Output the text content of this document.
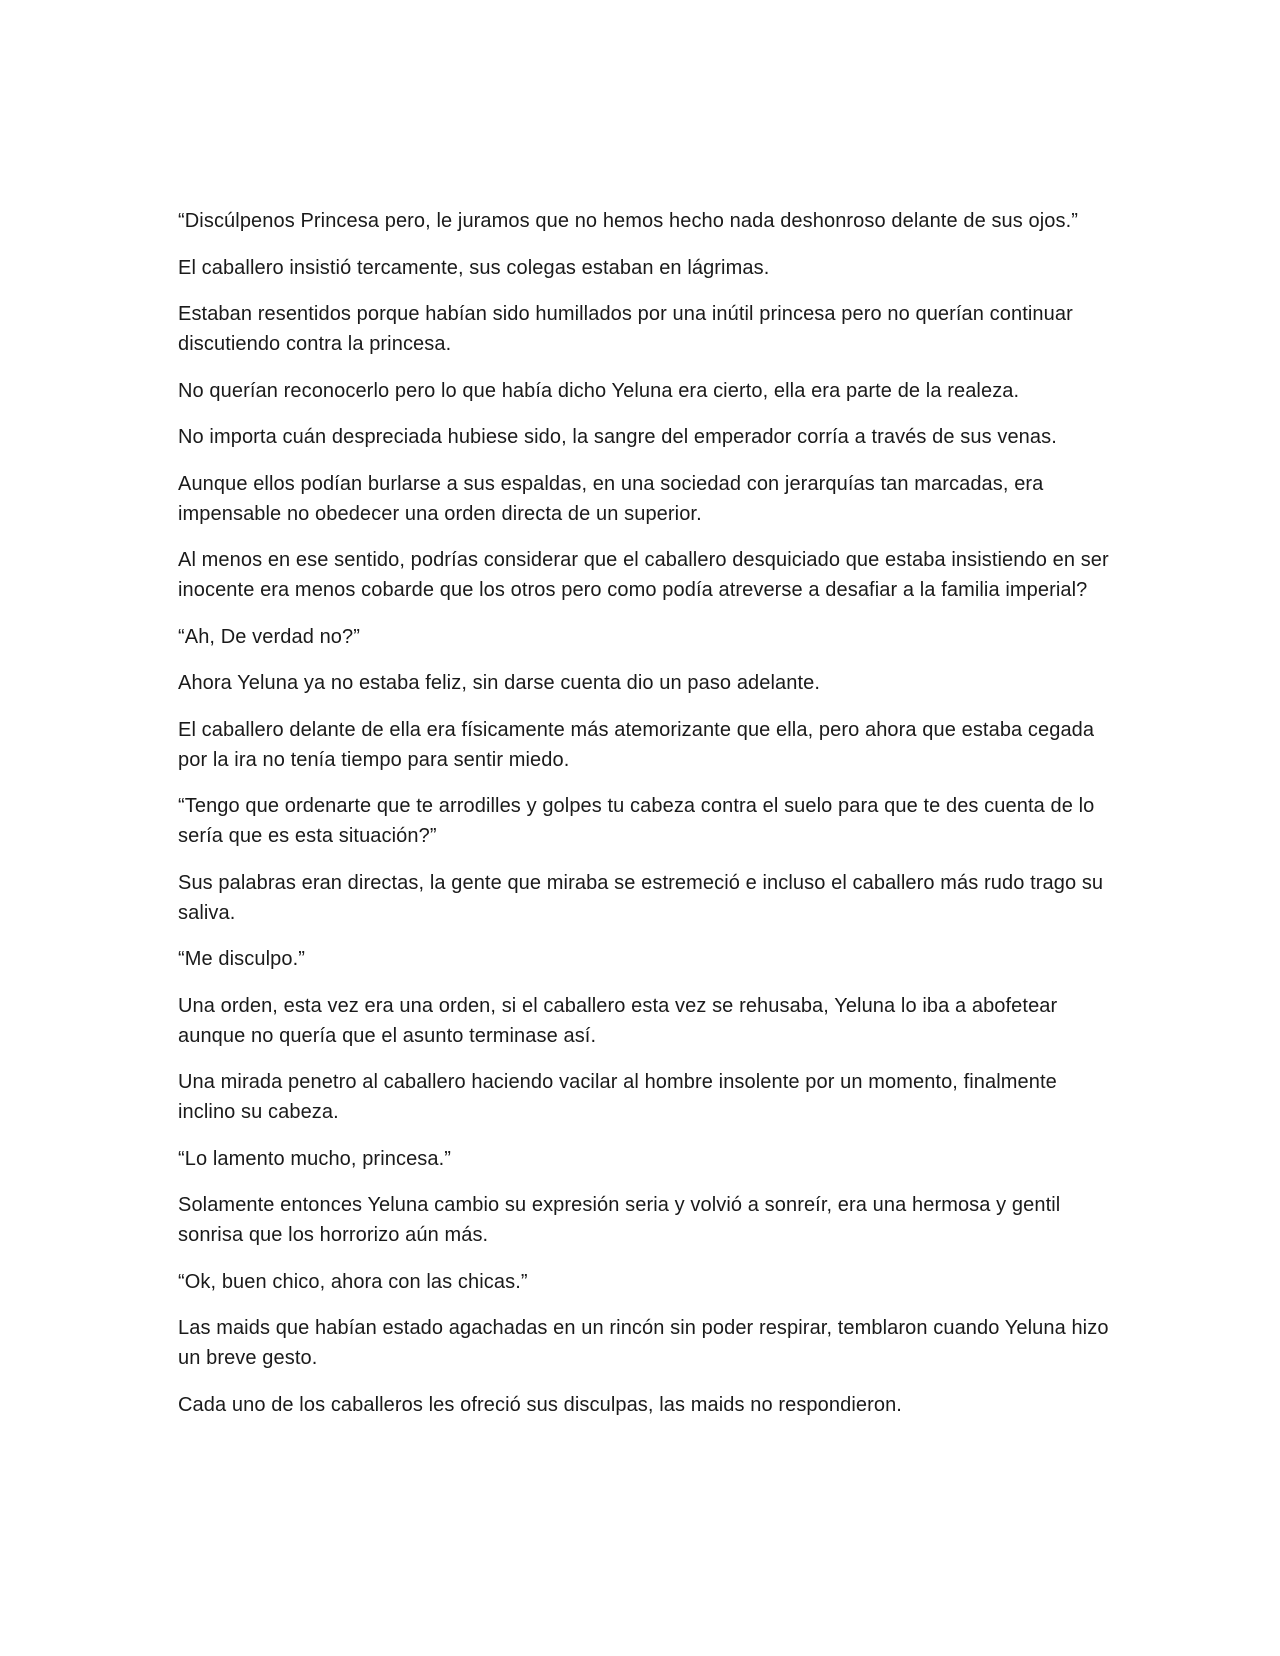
“Discúlpenos Princesa pero, le juramos que no hemos hecho nada deshonroso delante de sus ojos.”

El caballero insistió tercamente, sus colegas estaban en lágrimas.

Estaban resentidos porque habían sido humillados por una inútil princesa pero no querían continuar discutiendo contra la princesa.

No querían reconocerlo pero lo que había dicho Yeluna era cierto, ella era parte de la realeza.

No importa cuán despreciada hubiese sido, la sangre del emperador corría a través de sus venas.

Aunque ellos podían burlarse a sus espaldas, en una sociedad con jerarquías tan marcadas, era impensable no obedecer una orden directa de un superior.

Al menos en ese sentido, podrías considerar que el caballero desquiciado que estaba insistiendo en ser inocente era menos cobarde que los otros pero como podía atreverse a desafiar a la familia imperial?

“Ah, De verdad no?”

Ahora Yeluna ya no estaba feliz, sin darse cuenta dio un paso adelante.

El caballero delante de ella era físicamente más atemorizante que ella, pero ahora que estaba cegada por la ira no tenía tiempo para sentir miedo.

“Tengo que ordenarte que te arrodilles y golpes tu cabeza contra el suelo para que te des cuenta de lo sería que es esta situación?”

Sus palabras eran directas, la gente que miraba se estremeció e incluso el caballero más rudo trago su saliva.

“Me disculpo.”

Una orden, esta vez era una orden, si el caballero esta vez se rehusaba, Yeluna lo iba a abofetear aunque no quería que el asunto terminase así.

Una mirada penetro al caballero haciendo vacilar al hombre insolente por un momento, finalmente inclino su cabeza.

“Lo lamento mucho, princesa.”

Solamente entonces Yeluna cambio su expresión seria y volvió a sonreír, era una hermosa y gentil sonrisa que los horrorizo aún más.

“Ok, buen chico, ahora con las chicas.”

Las maids que habían estado agachadas en un rincón sin poder respirar, temblaron cuando Yeluna hizo un breve gesto.

Cada uno de los caballeros les ofreció sus disculpas, las maids no respondieron.
